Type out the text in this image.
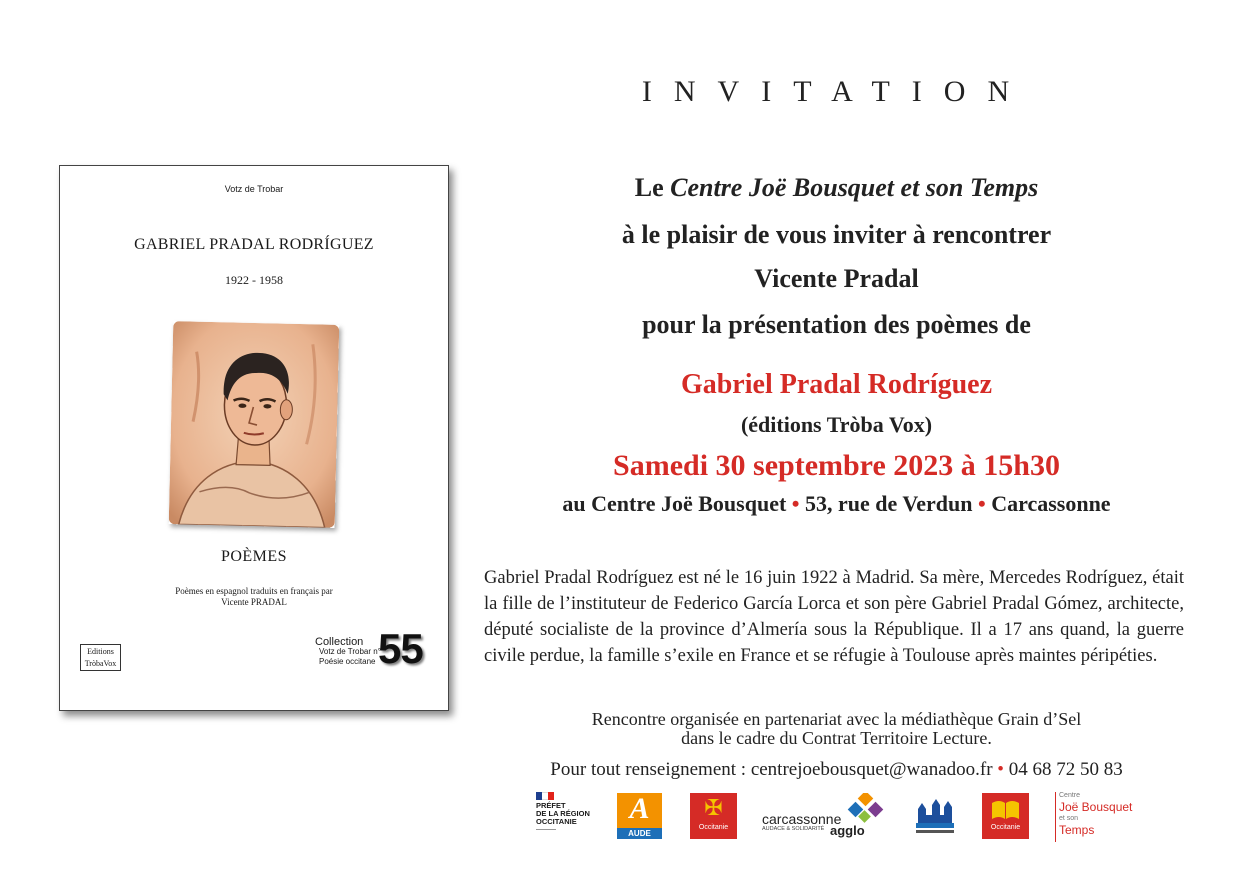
Votz de Trobar
GABRIEL PRADAL RODRÍGUEZ
1922 - 1958
POÈMES
Poèmes en espagnol traduits en français par
Vicente PRADAL
Editions
TròbaVox
Collection
Votz de Trobar n°
Poésie occitane 55
INVITATION
Le Centre Joë Bousquet et son Temps
à le plaisir de vous inviter à rencontrer
Vicente Pradal
pour la présentation des poèmes de
Gabriel Pradal Rodríguez
(éditions Tròba Vox)
Samedi 30 septembre 2023 à 15h30
au Centre Joë Bousquet • 53, rue de Verdun • Carcassonne
Gabriel Pradal Rodríguez est né le 16 juin 1922 à Madrid. Sa mère, Mercedes Rodríguez, était la fille de l’instituteur de Federico García Lorca et son père Gabriel Pradal Gómez, architecte, député socialiste de la province d’Almería sous la République. Il a 17 ans quand, la guerre civile perdue, la famille s’exile en France et se réfugie à Toulouse après maintes péripéties.
Rencontre organisée en partenariat avec la médiathèque Grain d’Sel
dans le cadre du Contrat Territoire Lecture.
Pour tout renseignement : centrejoebousquet@wanadoo.fr • 04 68 72 50 83
PRÉFET
DE LA RÉGION
OCCITANIE	A
AUDE
✠
Occitanie
carcassonne
AUDACE & SOLIDARITÉ agglo	Occitanie
Centre
Joë Bousquet
et son
Temps
